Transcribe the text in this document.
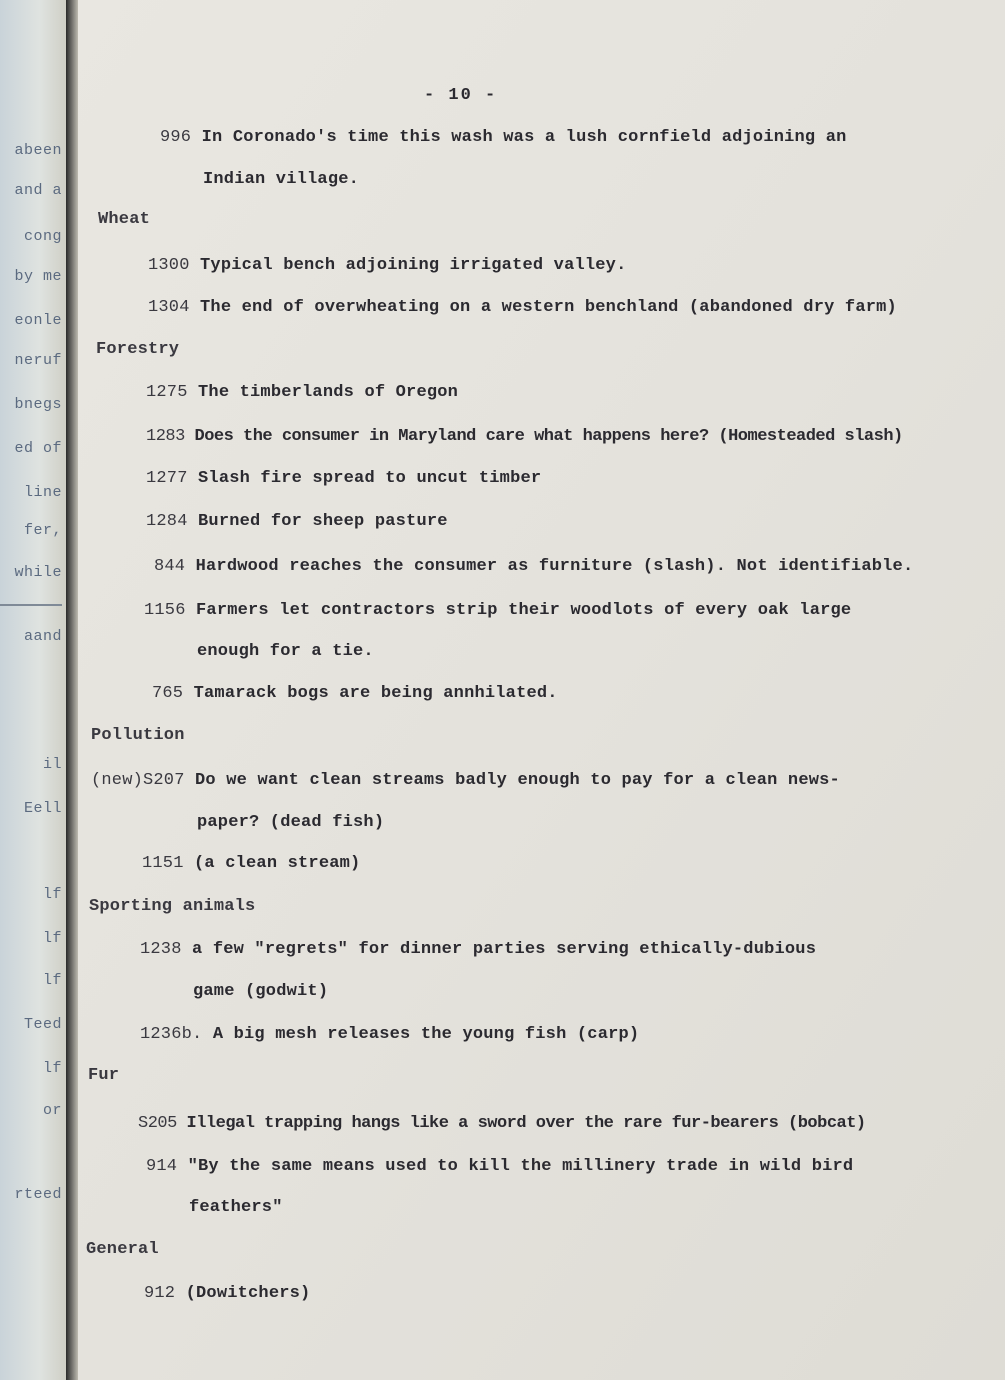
abeen
and a
cong
by me
eonle
neruf
bnegs
ed of
line
fer,
while
aand
il
Eell
lf
lf
lf
Teed
lf
or
rteed
- 10 -
996 In Coronado's time this wash was a lush cornfield adjoining an
Indian village.
Wheat
1300 Typical bench adjoining irrigated valley.
1304 The end of overwheating on a western benchland (abandoned dry farm)
Forestry
1275 The timberlands of Oregon
1283 Does the consumer in Maryland care what happens here? (Homesteaded slash)
1277 Slash fire spread to uncut timber
1284 Burned for sheep pasture
844 Hardwood reaches the consumer as furniture (slash). Not identifiable.
1156 Farmers let contractors strip their woodlots of every oak large
enough for a tie.
765 Tamarack bogs are being annhilated.
Pollution
(new)S207 Do we want clean streams badly enough to pay for a clean news-
paper? (dead fish)
1151 (a clean stream)
Sporting animals
1238 a few "regrets" for dinner parties serving ethically-dubious
game (godwit)
1236b. A big mesh releases the young fish (carp)
Fur
S205 Illegal trapping hangs like a sword over the rare fur-bearers (bobcat)
914 "By the same means used to kill the millinery trade in wild bird
feathers"
General
912 (Dowitchers)
